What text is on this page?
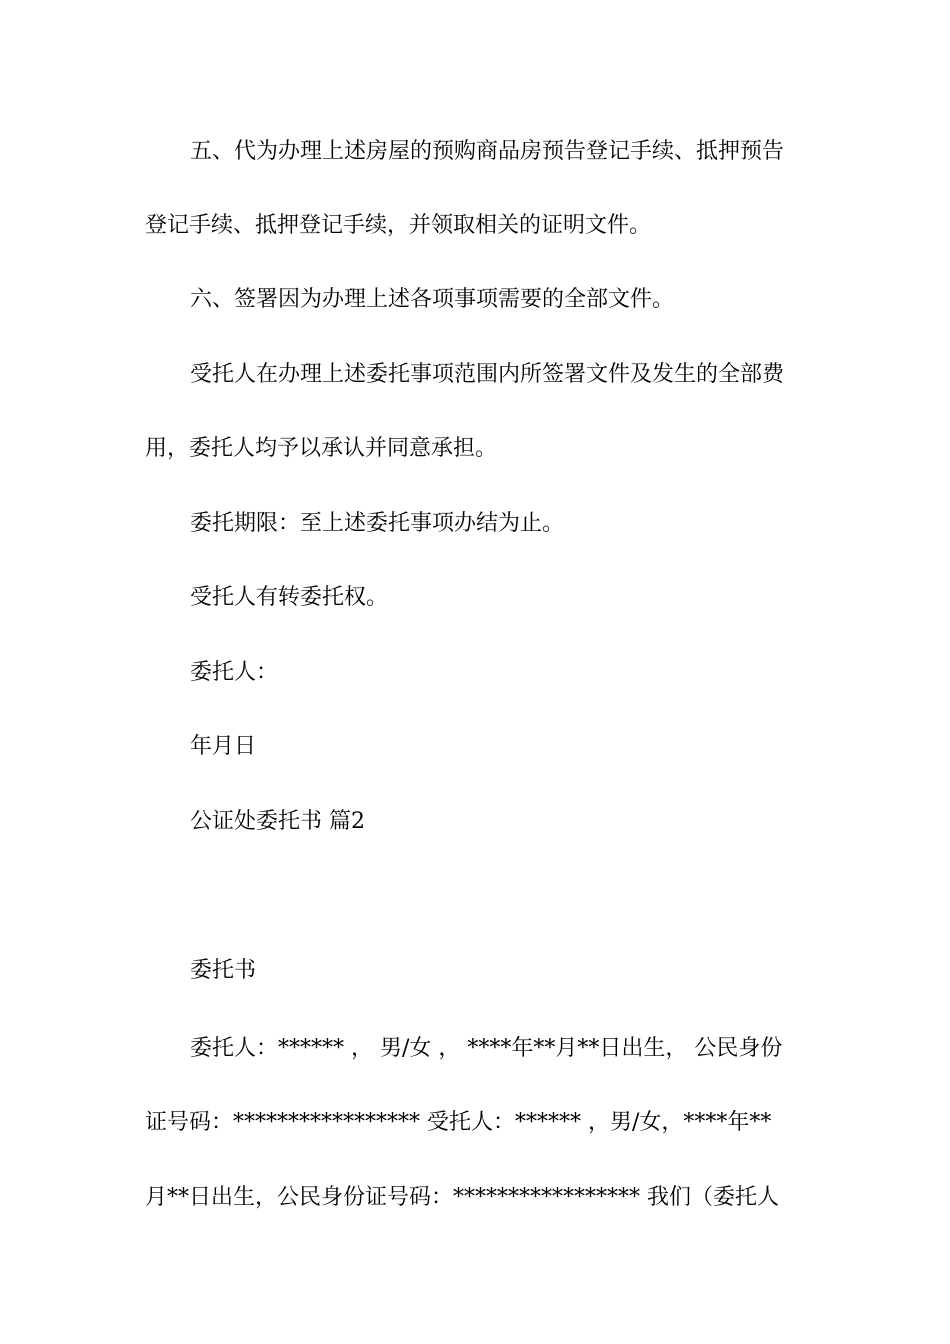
五、代为办理上述房屋的预购商品房预告登记手续、抵押预告
登记手续、抵押登记手续，并领取相关的证明文件。
六、签署因为办理上述各项事项需要的全部文件。
受托人在办理上述委托事项范围内所签署文件及发生的全部费
用，委托人均予以承认并同意承担。
委托期限：至上述委托事项办结为止。
受托人有转委托权。
委托人：
年月日
公证处委托书 篇2
委托书
委托人：****** ， 男/女 ， ****年**月**日出生， 公民身份
证号码：***************** 受托人：****** ，男/女，****年**
月**日出生，公民身份证号码：***************** 我们（委托人
